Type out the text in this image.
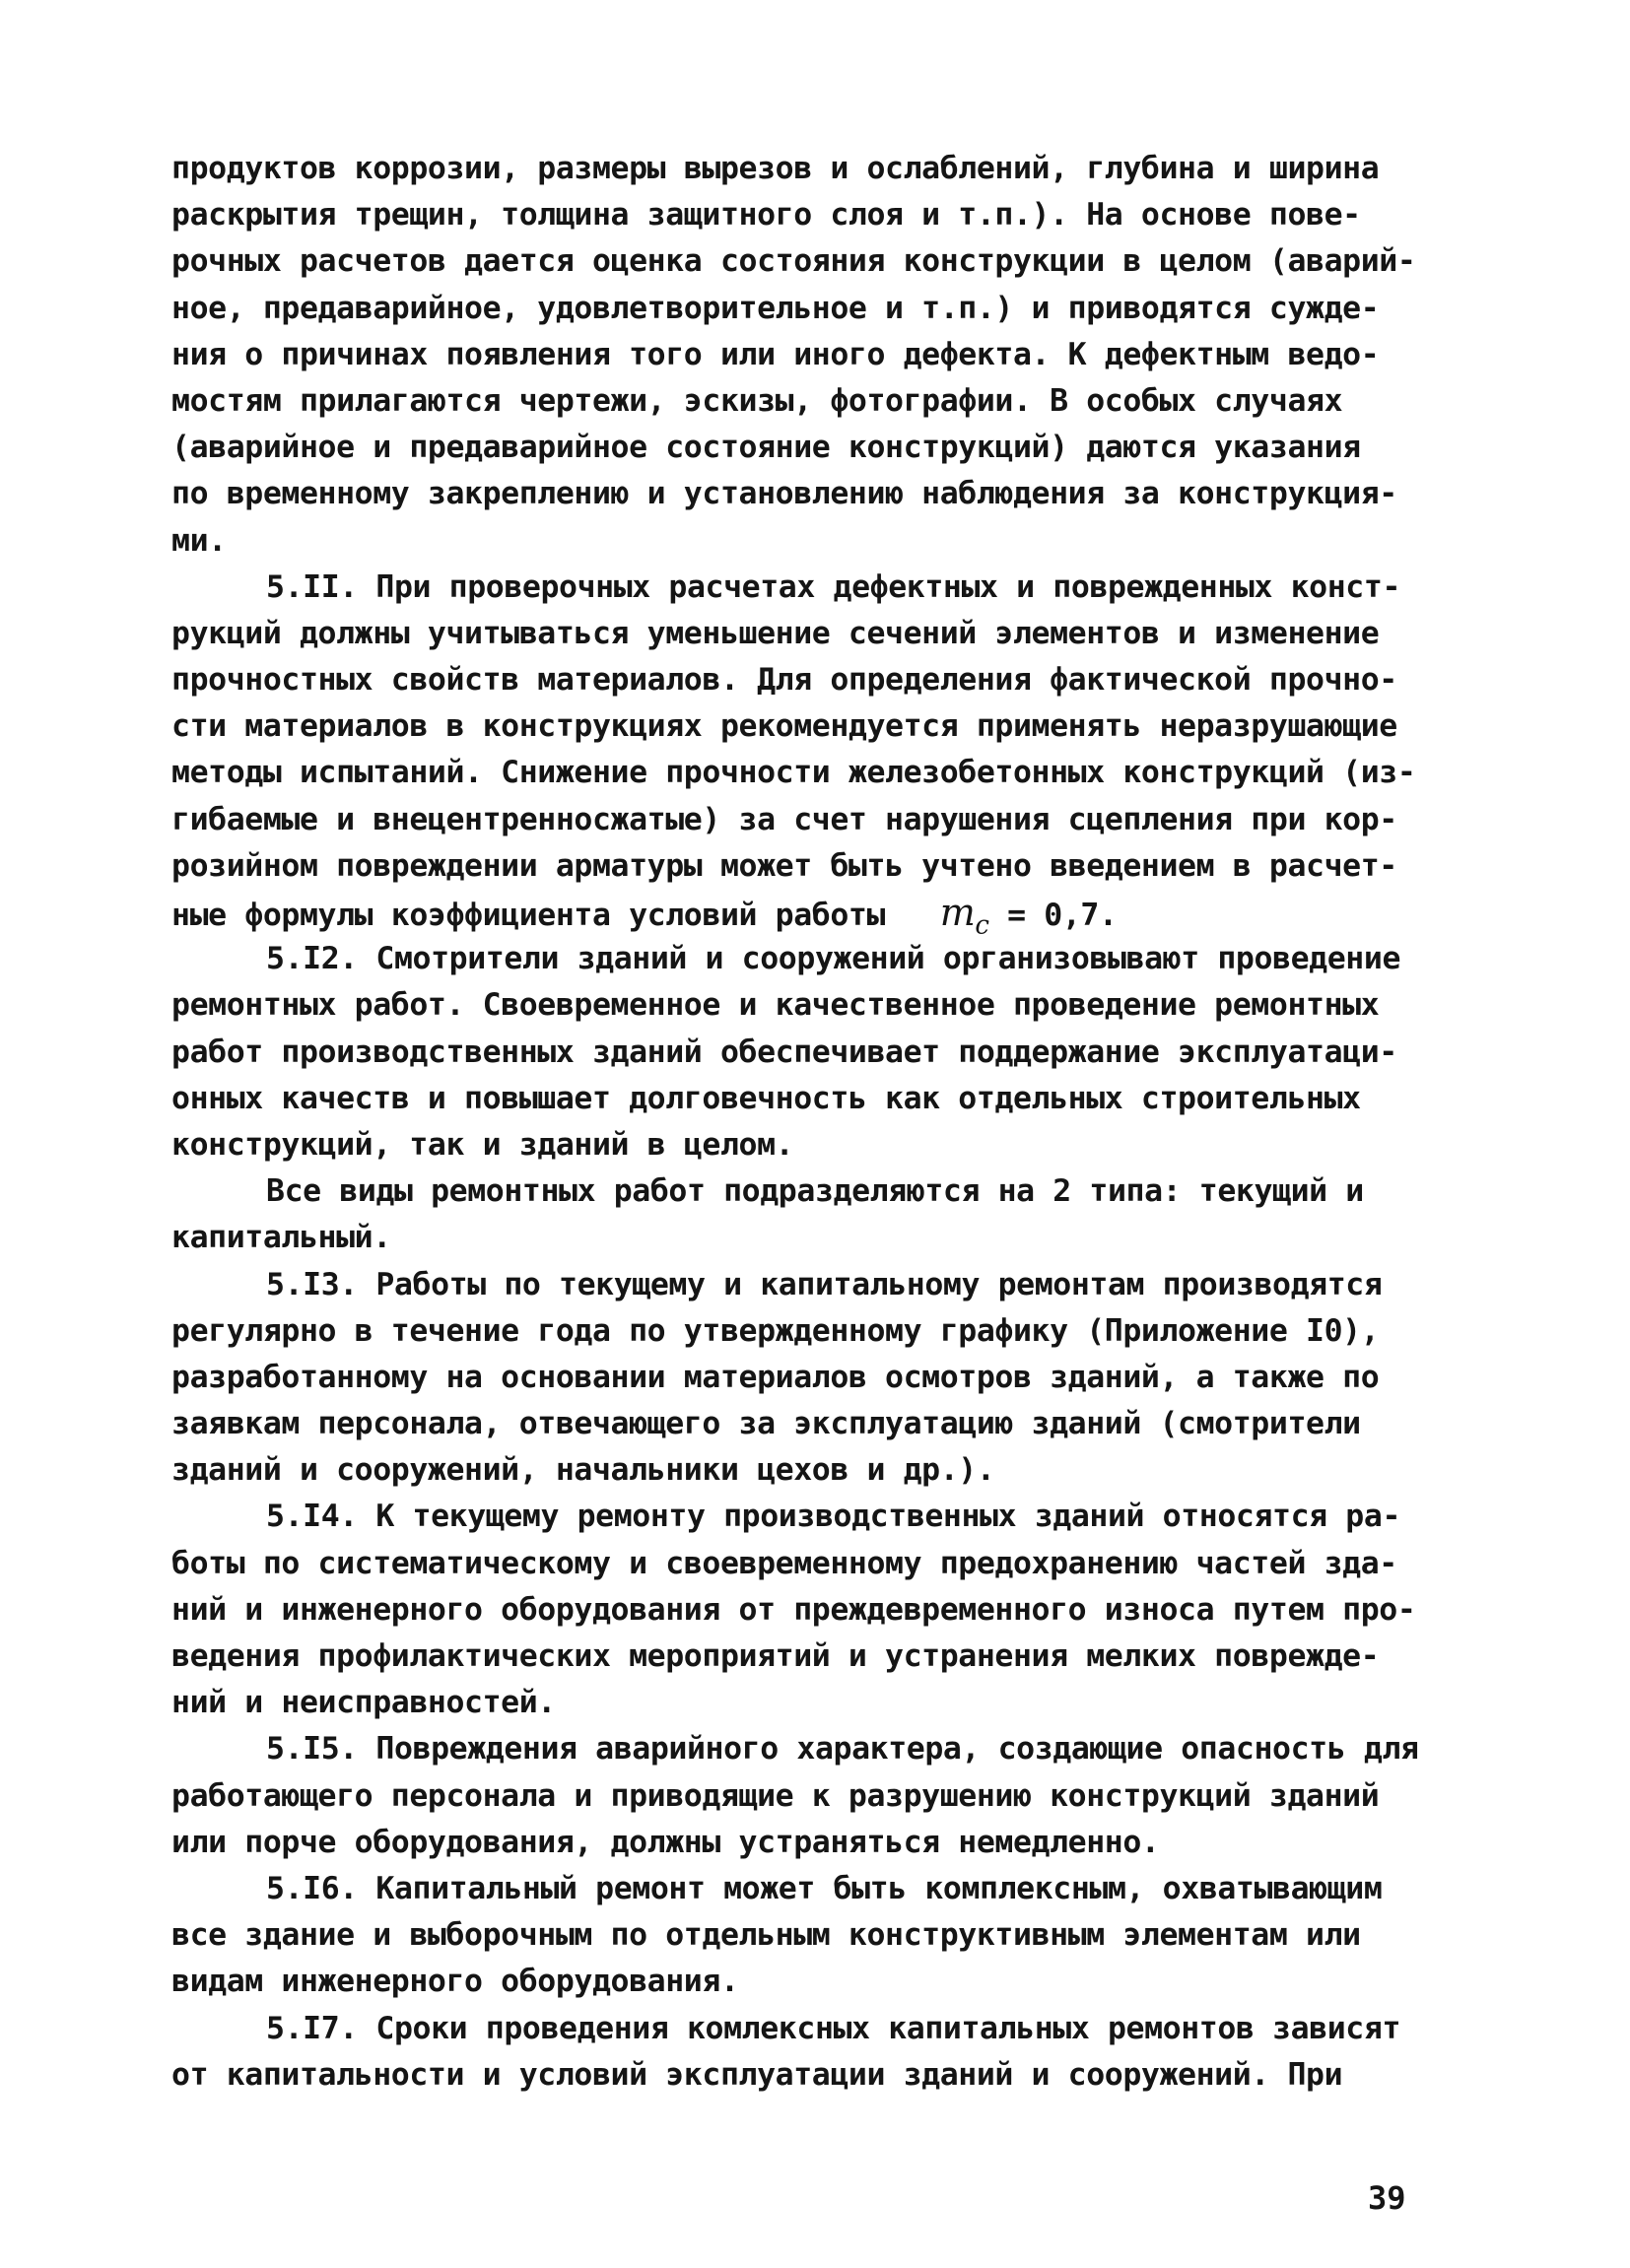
продуктов коррозии, размеры вырезов и ослаблений, глубина и ширина
раскрытия трещин, толщина защитного слоя и т.п.). На основе пове-
рочных расчетов дается оценка состояния конструкции в целом (аварий-
ное, предаварийное, удовлетворительное и т.п.) и приводятся сужде-
ния о причинах появления того или иного дефекта. К дефектным ведо-
мостям прилагаются чертежи, эскизы, фотографии. В особых случаях
(аварийное и предаварийное состояние конструкций) даются указания
по временному закреплению и установлению наблюдения за конструкция-
ми.
5.II. При проверочных расчетах дефектных и поврежденных конст-
рукций должны учитываться уменьшение сечений элементов и изменение
прочностных свойств материалов. Для определения фактической прочно-
сти материалов в конструкциях рекомендуется применять неразрушающие
методы испытаний. Снижение прочности железобетонных конструкций (из-
гибаемые и внецентренносжатые) за счет нарушения сцепления при кор-
розийном повреждении арматуры может быть учтено введением в расчет-
ные формулы коэффициента условий работы $m_c = 0,7$.
5.I2. Смотрители зданий и сооружений организовывают проведение
ремонтных работ. Своевременное и качественное проведение ремонтных
работ производственных зданий обеспечивает поддержание эксплуатаци-
онных качеств и повышает долговечность как отдельных строительных
конструкций, так и зданий в целом.
Все виды ремонтных работ подразделяются на 2 типа: текущий и
капитальный.
5.I3. Работы по текущему и капитальному ремонтам производятся
регулярно в течение года по утвержденному графику (Приложение I0),
разработанному на основании материалов осмотров зданий, а также по
заявкам персонала, отвечающего за эксплуатацию зданий (смотрители
зданий и сооружений, начальники цехов и др.).
5.I4. К текущему ремонту производственных зданий относятся ра-
боты по систематическому и своевременному предохранению частей зда-
ний и инженерного оборудования от преждевременного износа путем про-
ведения профилактических мероприятий и устранения мелких поврежде-
ний и неисправностей.
5.I5. Повреждения аварийного характера, создающие опасность для
работающего персонала и приводящие к разрушению конструкций зданий
или порче оборудования, должны устраняться немедленно.
5.I6. Капитальный ремонт может быть комплексным, охватывающим
все здание и выборочным по отдельным конструктивным элементам или
видам инженерного оборудования.
5.I7. Сроки проведения комлексных капитальных ремонтов зависят
от капитальности и условий эксплуатации зданий и сооружений. При
39
